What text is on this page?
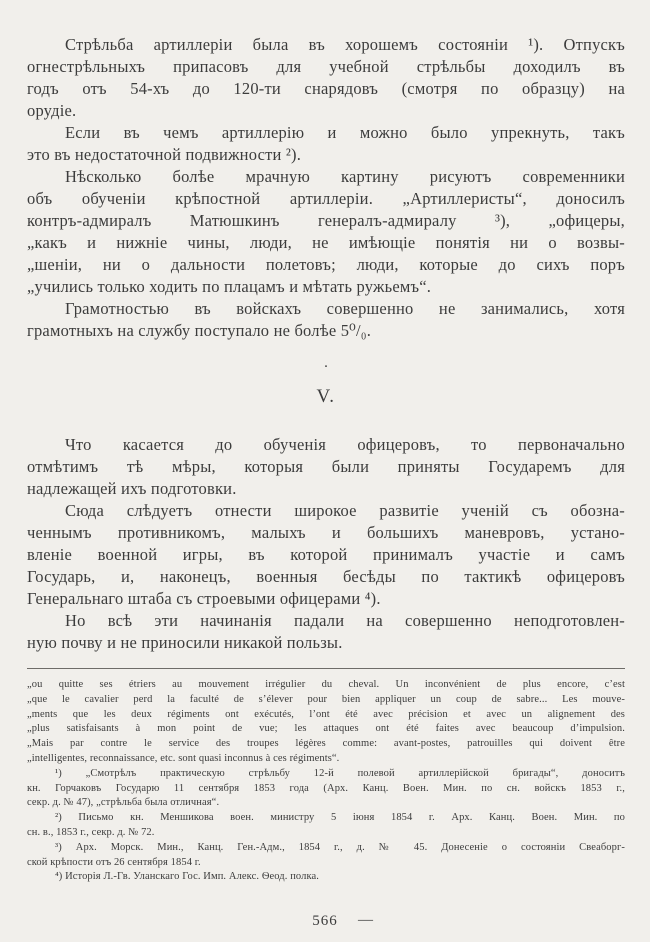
Стрѣльба артиллеріи была въ хорошемъ состояніи ¹). Отпускъ
огнестрѣльныхъ припасовъ для учебной стрѣльбы доходилъ въ
годъ отъ 54-хъ до 120-ти снарядовъ (смотря по образцу) на
орудіе.

Если въ чемъ артиллерію и можно было упрекнуть, такъ
это въ недостаточной подвижности ²).

Нѣсколько болѣе мрачную картину рисуютъ современники
объ обученіи крѣпостной артиллеріи. „Артиллеристы“, доносилъ
контръ-адмиралъ Матюшкинъ генералъ-адмиралу ³), „офицеры,
„какъ и нижніе чины, люди, не имѣющіе понятія ни о возвы-
„шеніи, ни о дальности полетовъ; люди, которые до сихъ поръ
„учились только ходить по плацамъ и мѣтать ружьемъ“.

Грамотностью въ войскахъ совершенно не занимались, хотя
грамотныхъ на службу поступало не болѣе 5⁰/₀.

.
V.

Что касается до обученія офицеровъ, то первоначально
отмѣтимъ тѣ мѣры, которыя были приняты Государемъ для
надлежащей ихъ подготовки.

Сюда слѣдуетъ отнести широкое развитіе ученій съ обозна-
ченнымъ противникомъ, малыхъ и большихъ маневровъ, устано-
вленіе военной игры, въ которой принималъ участіе и самъ
Государь, и, наконецъ, военныя бесѣды по тактикѣ офицеровъ
Генеральнаго штаба съ строевыми офицерами ⁴).

Но всѣ эти начинанія падали на совершенно неподготовлен-
ную почву и не приносили никакой пользы.

„ou quitte ses étriers au mouvement irrégulier du cheval. Un inconvénient de plus encore, c’est
„que le cavalier perd la faculté de s’élever pour bien appliquer un coup de sabre... Les mouve-
„ments que les deux régiments ont exécutés, l’ont été avec précision et avec un alignement des
„plus satisfaisants à mon point de vue; les attaques ont été faites avec beaucoup d’impulsion.
„Mais par contre le service des troupes légères comme: avant-postes, patrouilles qui doivent être
„intelligentes, reconnaissance, etc. sont quasi inconnus à ces régiments“.

¹) „Смотрѣлъ практическую стрѣльбу 12-й полевой артиллерійской бригады“, доноситъ
кн. Горчаковъ Государю 11 сентября 1853 года (Арх. Канц. Воен. Мин. по сн. войскъ 1853 г.,
секр. д. № 47), „стрѣльба была отличная“.

²) Письмо кн. Меншикова воен. министру 5 іюня 1854 г. Арх. Канц. Воен. Мин. по
сн. в., 1853 г., секр. д. № 72.

³) Арх. Морск. Мин., Канц. Ген.-Адм., 1854 г., д. № 45. Донесеніе о состояніи Свеаборг-
ской крѣпости отъ 26 сентября 1854 г.

⁴) Исторія Л.-Гв. Уланскаго Гос. Имп. Алекс. Ѳеод. полка.

566 —
